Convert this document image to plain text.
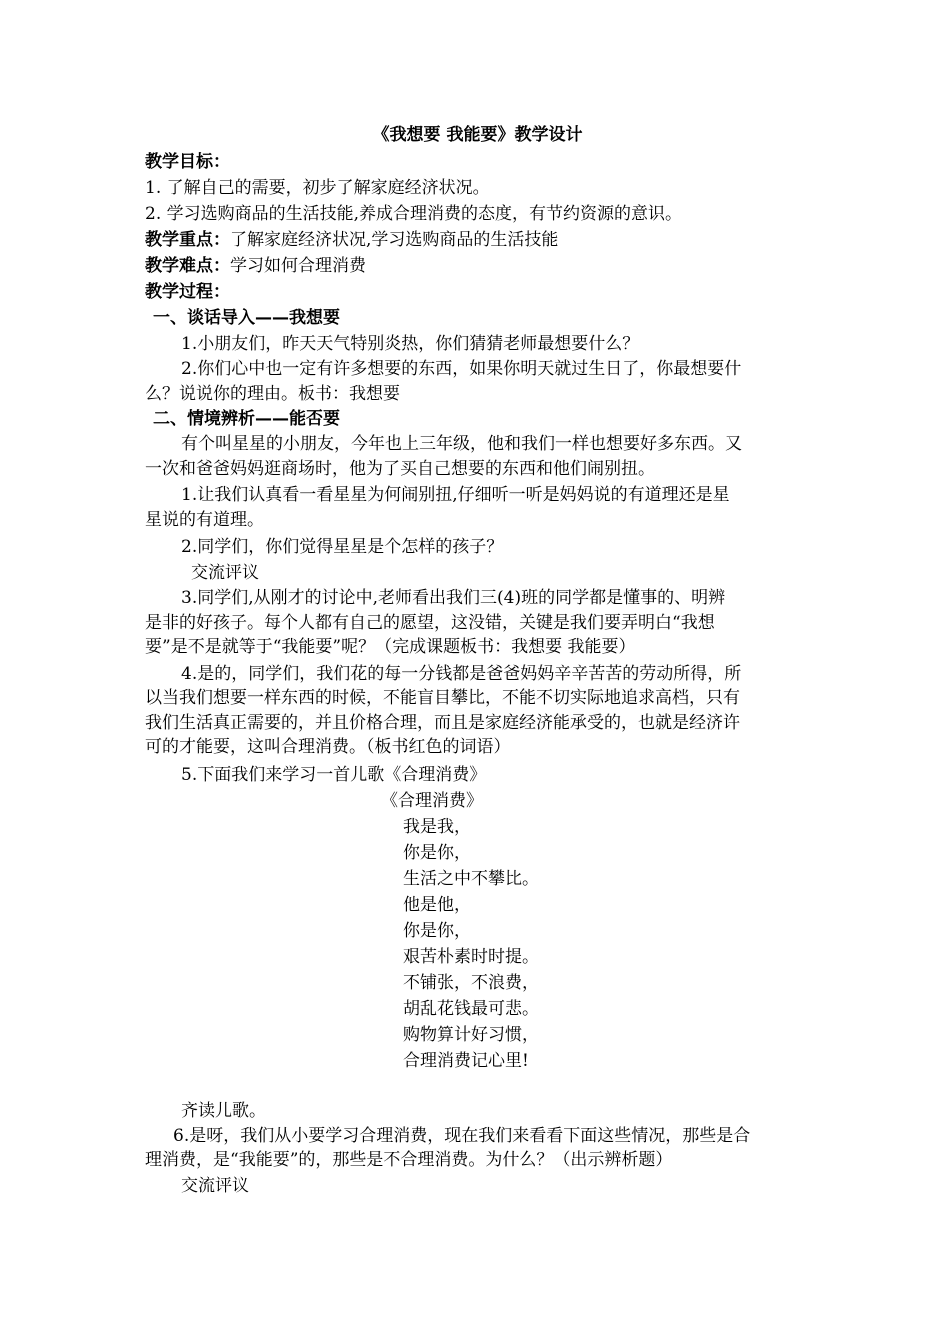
《我想要 我能要》教学设计
教学目标：
1. 了解自己的需要，初步了解家庭经济状况。
2. 学习选购商品的生活技能,养成合理消费的态度，有节约资源的意识。
教学重点：了解家庭经济状况,学习选购商品的生活技能
教学难点：学习如何合理消费
教学过程：
一、谈话导入——我想要
1.小朋友们，昨天天气特别炎热，你们猜猜老师最想要什么？

2.你们心中也一定有许多想要的东西，如果你明天就过生日了，你最想要什

么？说说你的理由。板书：我想要

二、情境辨析——能否要

有个叫星星的小朋友，今年也上三年级，他和我们一样也想要好多东西。又

一次和爸爸妈妈逛商场时，他为了买自己想要的东西和他们闹别扭。

1.让我们认真看一看星星为何闹别扭,仔细听一听是妈妈说的有道理还是星

星说的有道理。

2.同学们，你们觉得星星是个怎样的孩子？
交流评议

3.同学们,从刚才的讨论中,老师看出我们三(4)班的同学都是懂事的、明辨

是非的好孩子。每个人都有自己的愿望，这没错，关键是我们要弄明白“我想

要”是不是就等于“我能要”呢？（完成课题板书：我想要 我能要）

4.是的，同学们，我们花的每一分钱都是爸爸妈妈辛辛苦苦的劳动所得，所

以当我们想要一样东西的时候，不能盲目攀比，不能不切实际地追求高档，只有

我们生活真正需要的，并且价格合理，而且是家庭经济能承受的，也就是经济许

可的才能要，这叫合理消费。（板书红色的词语）

5.下面我们来学习一首儿歌《合理消费》
《合理消费》
我是我，
你是你，
生活之中不攀比。
他是他，
你是你，
艰苦朴素时时提。
不铺张，不浪费，
胡乱花钱最可悲。
购物算计好习惯，
合理消费记心里!
齐读儿歌。

6.是呀，我们从小要学习合理消费，现在我们来看看下面这些情况，那些是合

理消费，是“我能要”的，那些是不合理消费。为什么？（出示辨析题）

交流评议
